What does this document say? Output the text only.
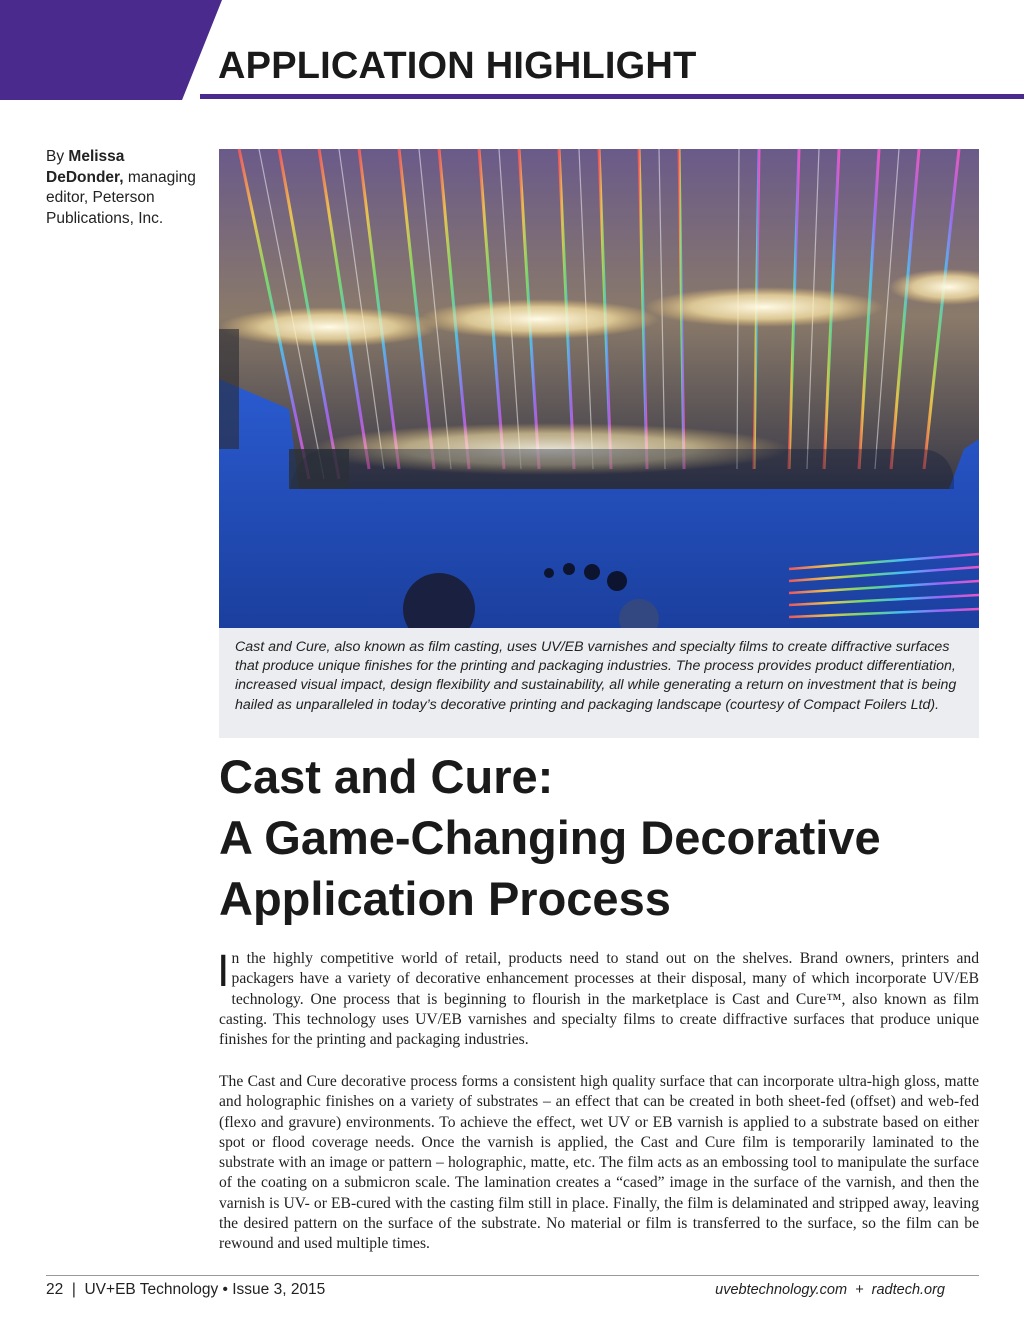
APPLICATION HIGHLIGHT
By Melissa DeDonder, managing editor, Peterson Publications, Inc.

Cast and Cure, also known as film casting, uses UV/EB varnishes and specialty films to create diffractive surfaces that produce unique finishes for the printing and packaging industries. The process provides product differentiation, increased visual impact, design flexibility and sustainability, all while generating a return on investment that is being hailed as unparalleled in today’s decorative printing and packaging landscape (courtesy of Compact Foilers Ltd).

Cast and Cure:
A Game-Changing Decorative
Application Process

In the highly competitive world of retail, products need to stand out on the shelves. Brand owners, printers and packagers have a variety of decorative enhancement processes at their disposal, many of which incorporate UV/EB technology. One process that is beginning to flourish in the marketplace is Cast and Cure™, also known as film casting. This technology uses UV/EB varnishes and specialty films to create diffractive surfaces that produce unique finishes for the printing and packaging industries.

The Cast and Cure decorative process forms a consistent high quality surface that can incorporate ultra-high gloss, matte and holographic finishes on a variety of substrates – an effect that can be created in both sheet-fed (offset) and web-fed (flexo and gravure) environments. To achieve the effect, wet UV or EB varnish is applied to a substrate based on either spot or flood coverage needs. Once the varnish is applied, the Cast and Cure film is temporarily laminated to the substrate with an image or pattern – holographic, matte, etc. The film acts as an embossing tool to manipulate the surface of the coating on a submicron scale. The lamination creates a “cased” image in the surface of the varnish, and then the varnish is UV- or EB-cured with the casting film still in place. Finally, the film is delaminated and stripped away, leaving the desired pattern on the surface of the substrate. No material or film is transferred to the surface, so the film can be rewound and used multiple times.

22  |  UV+EB Technology • Issue 3, 2015	uvebtechnology.com  +  radtech.org
